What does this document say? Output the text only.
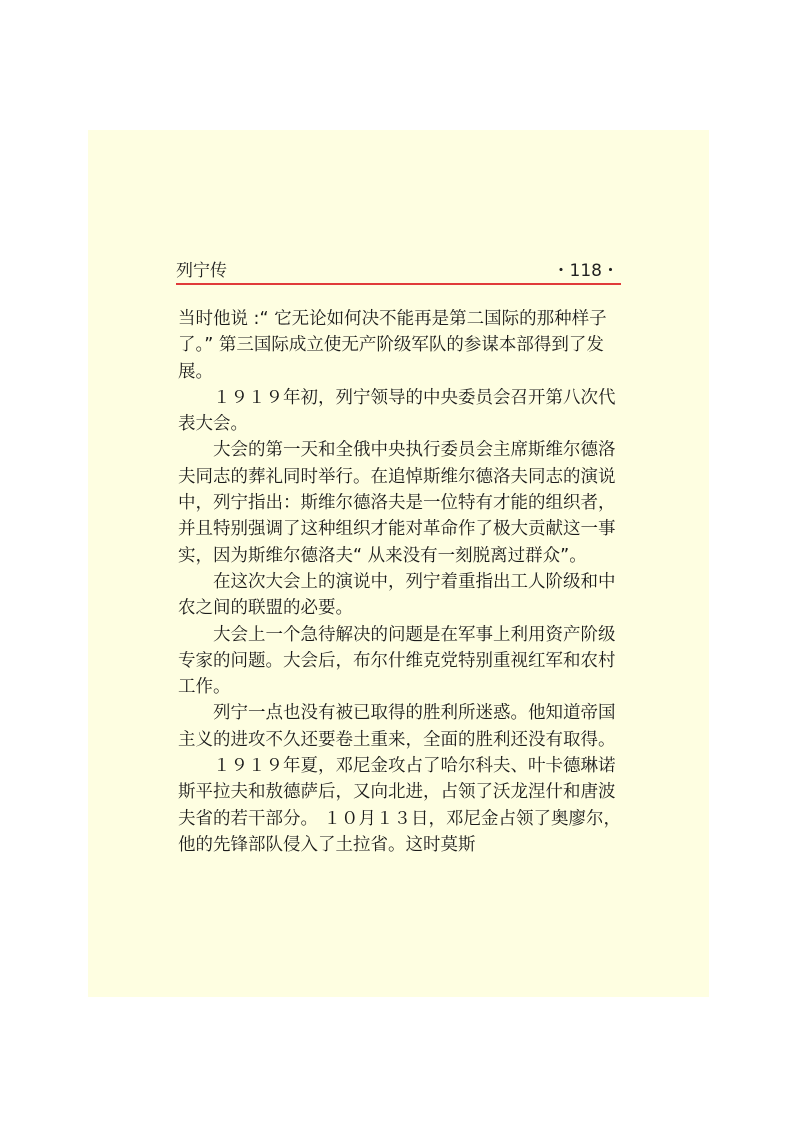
列宁传	・118・

当时他说 :“ 它无论如何决不能再是第二国际的那种样子了。” 第三国际成立使无产阶级军队的参谋本部得到了发展。

１９１９年初，列宁领导的中央委员会召开第八次代表大会。

大会的第一天和全俄中央执行委员会主席斯维尔德洛夫同志的葬礼同时举行。在追悼斯维尔德洛夫同志的演说中，列宁指出：斯维尔德洛夫是一位特有才能的组织者，并且特别强调了这种组织才能对革命作了极大贡献这一事实，因为斯维尔德洛夫“ 从来没有一刻脱离过群众”。

在这次大会上的演说中，列宁着重指出工人阶级和中农之间的联盟的必要。

大会上一个急待解决的问题是在军事上利用资产阶级专家的问题。大会后，布尔什维克党特别重视红军和农村工作。

列宁一点也没有被已取得的胜利所迷惑。他知道帝国主义的进攻不久还要卷土重来，全面的胜利还没有取得。

１９１９年夏，邓尼金攻占了哈尔科夫、叶卡德琳诺斯平拉夫和敖德萨后，又向北进，占领了沃龙涅什和唐波夫省的若干部分。 １０月１３日，邓尼金占领了奥廖尔，他的先锋部队侵入了土拉省。这时莫斯
